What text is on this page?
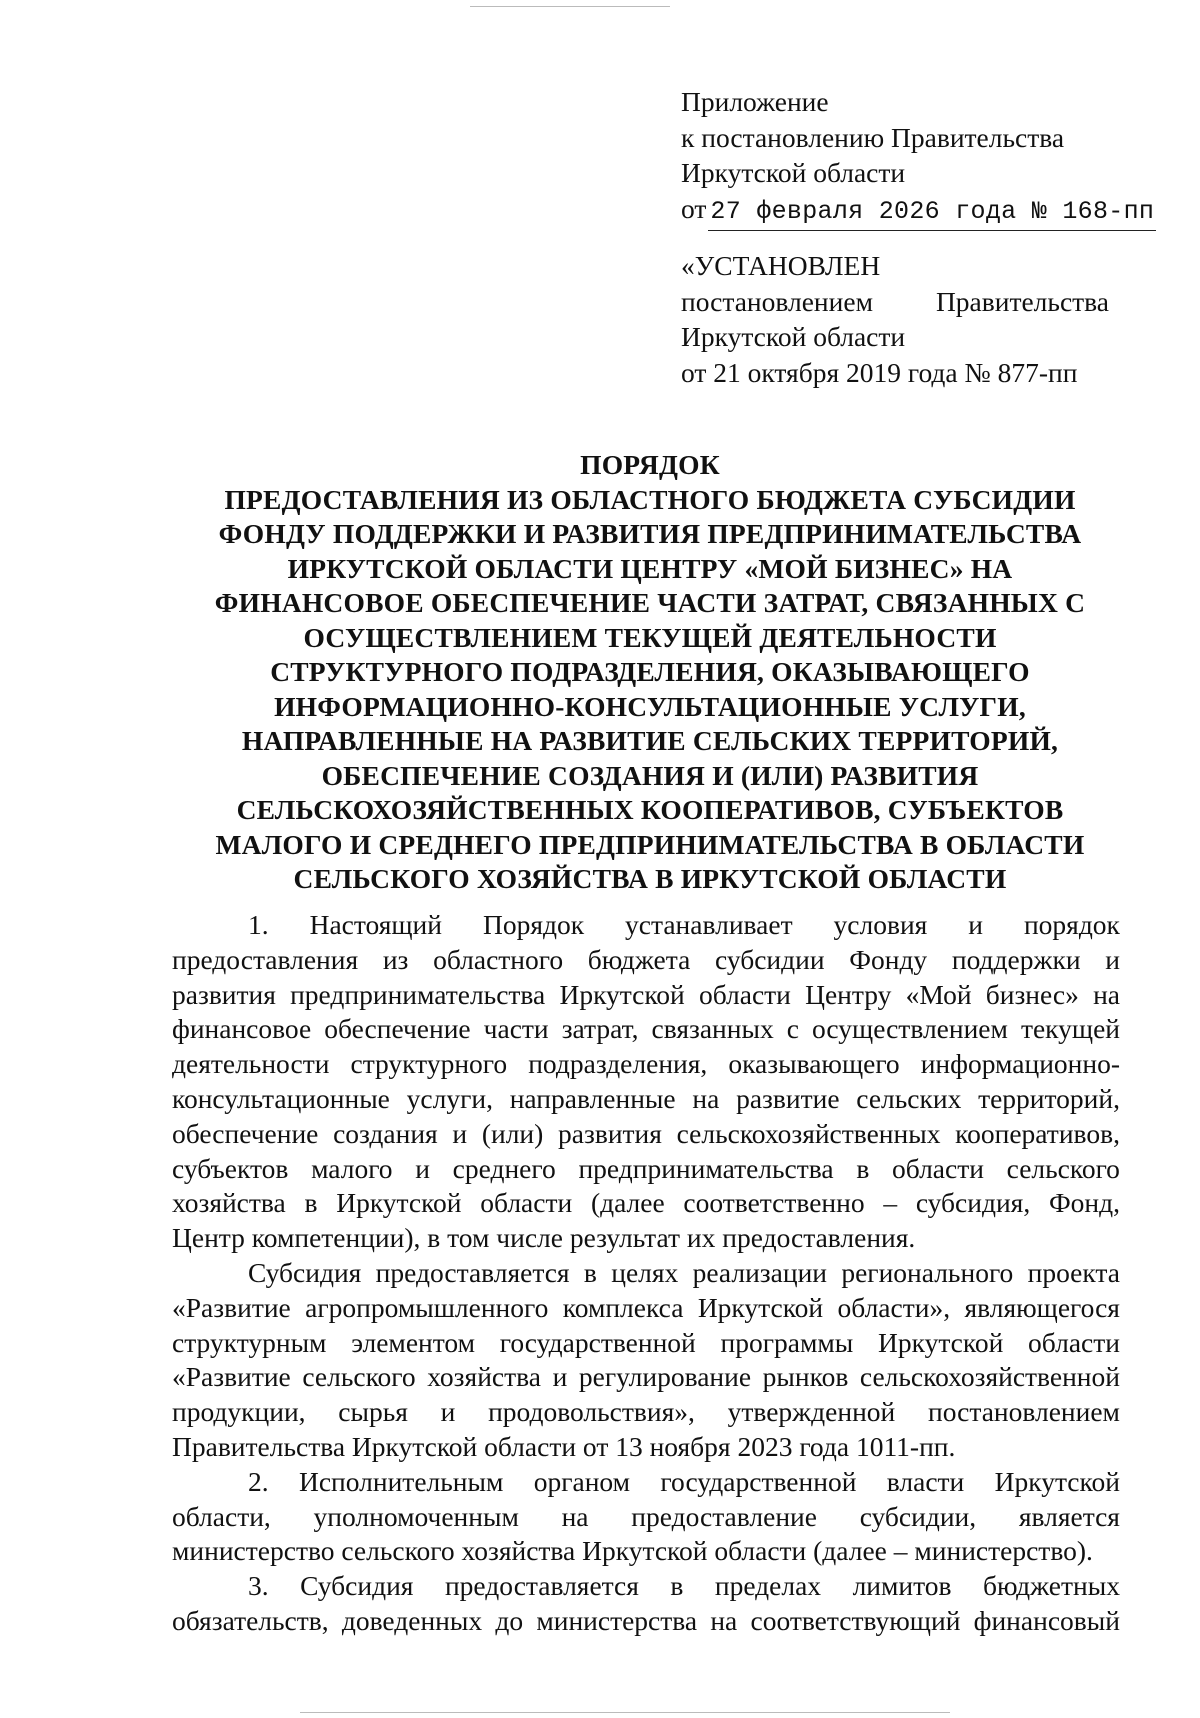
Приложение
к постановлению Правительства
Иркутской области
от 27 февраля 2026 года № 168-пп
«УСТАНОВЛЕН
постановлением Правительства
Иркутской области
от 21 октября 2019 года № 877-пп
ПОРЯДОК
ПРЕДОСТАВЛЕНИЯ ИЗ ОБЛАСТНОГО БЮДЖЕТА СУБСИДИИ
ФОНДУ ПОДДЕРЖКИ И РАЗВИТИЯ ПРЕДПРИНИМАТЕЛЬСТВА
ИРКУТСКОЙ ОБЛАСТИ ЦЕНТРУ «МОЙ БИЗНЕС» НА
ФИНАНСОВОЕ ОБЕСПЕЧЕНИЕ ЧАСТИ ЗАТРАТ, СВЯЗАННЫХ С
ОСУЩЕСТВЛЕНИЕМ ТЕКУЩЕЙ ДЕЯТЕЛЬНОСТИ
СТРУКТУРНОГО ПОДРАЗДЕЛЕНИЯ, ОКАЗЫВАЮЩЕГО
ИНФОРМАЦИОННО-КОНСУЛЬТАЦИОННЫЕ УСЛУГИ,
НАПРАВЛЕННЫЕ НА РАЗВИТИЕ СЕЛЬСКИХ ТЕРРИТОРИЙ,
ОБЕСПЕЧЕНИЕ СОЗДАНИЯ И (ИЛИ) РАЗВИТИЯ
СЕЛЬСКОХОЗЯЙСТВЕННЫХ КООПЕРАТИВОВ, СУБЪЕКТОВ
МАЛОГО И СРЕДНЕГО ПРЕДПРИНИМАТЕЛЬСТВА В ОБЛАСТИ
СЕЛЬСКОГО ХОЗЯЙСТВА В ИРКУТСКОЙ ОБЛАСТИ
1. Настоящий Порядок устанавливает условия и порядок
предоставления из областного бюджета субсидии Фонду поддержки и
развития предпринимательства Иркутской области Центру «Мой бизнес» на
финансовое обеспечение части затрат, связанных с осуществлением текущей
деятельности структурного подразделения, оказывающего информационно-
консультационные услуги, направленные на развитие сельских территорий,
обеспечение создания и (или) развития сельскохозяйственных кооперативов,
субъектов малого и среднего предпринимательства в области сельского
хозяйства в Иркутской области (далее соответственно – субсидия, Фонд,
Центр компетенции), в том числе результат их предоставления.
Субсидия предоставляется в целях реализации регионального проекта
«Развитие агропромышленного комплекса Иркутской области», являющегося
структурным элементом государственной программы Иркутской области
«Развитие сельского хозяйства и регулирование рынков сельскохозяйственной
продукции, сырья и продовольствия», утвержденной постановлением
Правительства Иркутской области от 13 ноября 2023 года 1011-пп.
2. Исполнительным органом государственной власти Иркутской
области, уполномоченным на предоставление субсидии, является
министерство сельского хозяйства Иркутской области (далее – министерство).
3. Субсидия предоставляется в пределах лимитов бюджетных
обязательств, доведенных до министерства на соответствующий финансовый
